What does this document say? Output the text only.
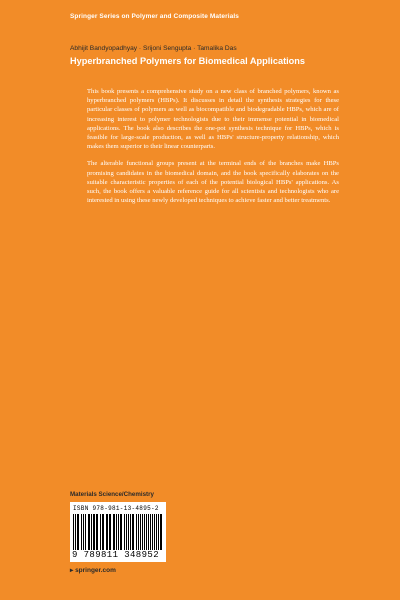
Springer Series on Polymer and Composite Materials
Abhijit Bandyopadhyay · Srijoni Sengupta · Tamalika Das
Hyperbranched Polymers for Biomedical Applications

This book presents a comprehensive study on a new class of branched polymers, known as hyperbranched polymers (HBPs). It discusses in detail the synthesis strategies for these particular classes of polymers as well as biocompatible and biodegradable HBPs, which are of increasing interest to polymer technologists due to their immense potential in biomedical applications. The book also describes the one-pot synthesis technique for HBPs, which is feasible for large-scale production, as well as HBPs' structure-property relationship, which makes them superior to their linear counterparts.

The alterable functional groups present at the terminal ends of the branches make HBPs promising candidates in the biomedical domain, and the book specifically elaborates on the suitable characteristic properties of each of the potential biological HBPs' applications. As such, the book offers a valuable reference guide for all scientists and technologists who are interested in using these newly developed techniques to achieve faster and better treatments.

Materials Science/Chemistry
ISBN 978-981-13-4895-2
9 789811 348952
▸ springer.com
